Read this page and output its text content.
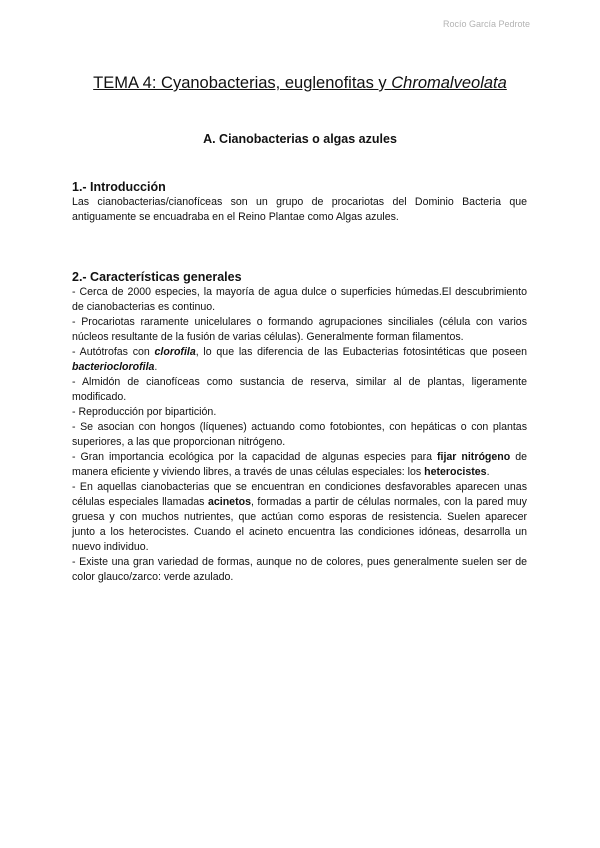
Rocío García Pedrote
TEMA 4: Cyanobacterias, euglenofitas y Chromalveolata
A. Cianobacterias o algas azules
1.- Introducción

Las cianobacterias/cianofíceas son un grupo de procariotas del Dominio Bacteria que antiguamente se encuadraba en el Reino Plantae como Algas azules.

2.- Características generales

- Cerca de 2000 especies, la mayoría de agua dulce o superficies húmedas.El descubrimiento de cianobacterias es continuo.

- Procariotas raramente unicelulares o formando agrupaciones sinciliales (célula con varios núcleos resultante de la fusión de varias células). Generalmente forman filamentos.

- Autótrofas con clorofila, lo que las diferencia de las Eubacterias fotosintéticas que poseen bacterioclorofila.

- Almidón de cianofíceas como sustancia de reserva, similar al de plantas, ligeramente modificado.

- Reproducción por bipartición.

- Se asocian con hongos (líquenes) actuando como fotobiontes, con hepáticas o con plantas superiores, a las que proporcionan nitrógeno.

- Gran importancia ecológica por la capacidad de algunas especies para fijar nitrógeno de manera eficiente y viviendo libres, a través de unas células especiales: los heterocistes.

- En aquellas cianobacterias que se encuentran en condiciones desfavorables aparecen unas células especiales llamadas acinetos, formadas a partir de células normales, con la pared muy gruesa y con muchos nutrientes, que actúan como esporas de resistencia. Suelen aparecer junto a los heterocistes. Cuando el acineto encuentra las condiciones idóneas, desarrolla un nuevo individuo.

- Existe una gran variedad de formas, aunque no de colores, pues generalmente suelen ser de color glauco/zarco: verde azulado.
